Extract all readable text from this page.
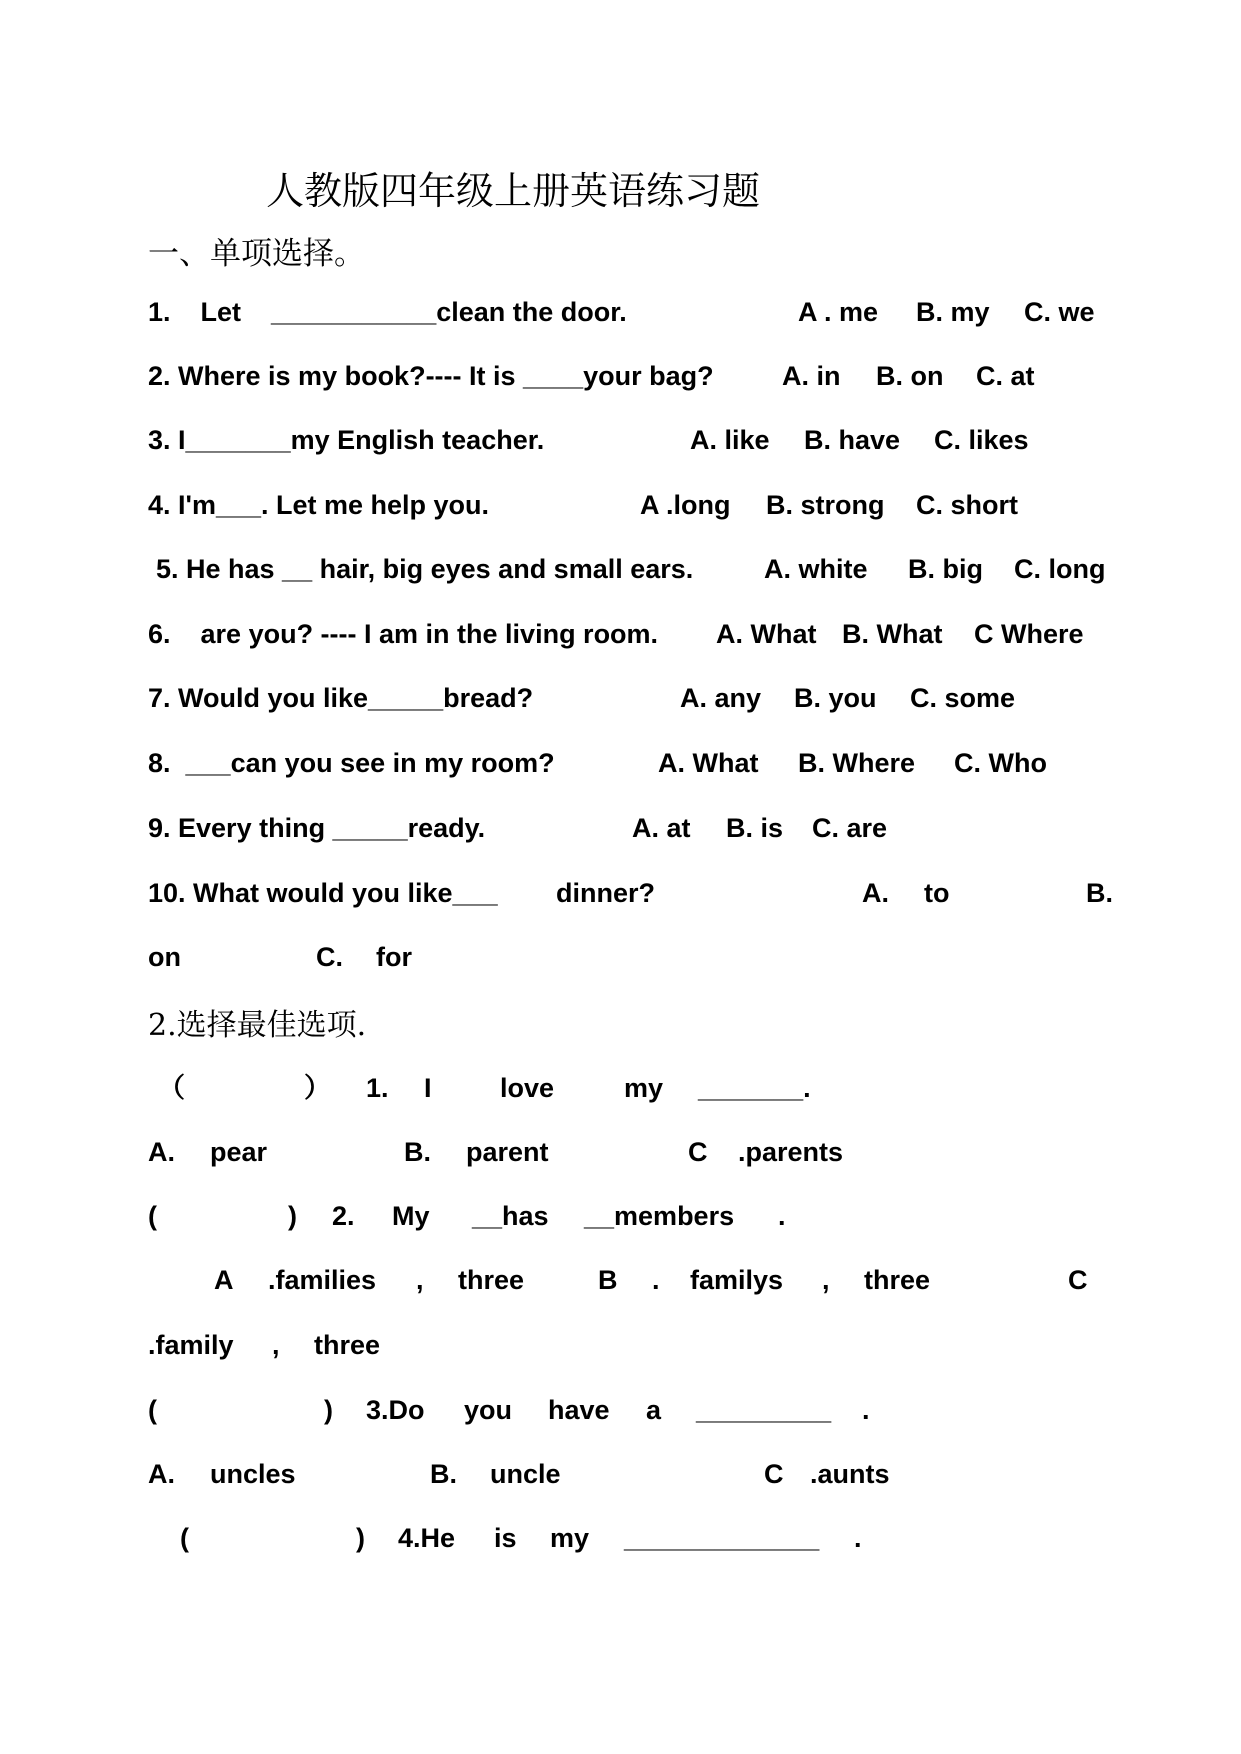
人教版四年级上册英语练习题
一、单项选择。
1.    Let    ___________clean the door.	A . me B. my C. we
2. Where is my book?---- It is ____your bag?	A. in B. on C. at
3. I_______my English teacher.	A. like B. have C. likes
4. I'm___. Let me help you.	A .long B. strong C. short
5. He has __ hair, big eyes and small ears.	A. white B. big C. long
6.    are you? ---- I am in the living room. A. What B. What C Where
7. Would you like_____bread?	A. any B. you C. some
8.  ___can you see in my room?	A. What B. Where C. Who
9. Every thing _____ready.	A. at B. is C. are
10. What would you like___ dinner?	A. to	B.
on	C. for
2.选择最佳选项.
（	） 1. I	love	my _______.
A. pear	B. parent	C .parents
(	) 2. My __has __members .
A .families , three	B . familys , three	C
.family , three
(	) 3.Do you have a _________ .
A. uncles	B. uncle	C .aunts
(	) 4.He is my _____________ .
